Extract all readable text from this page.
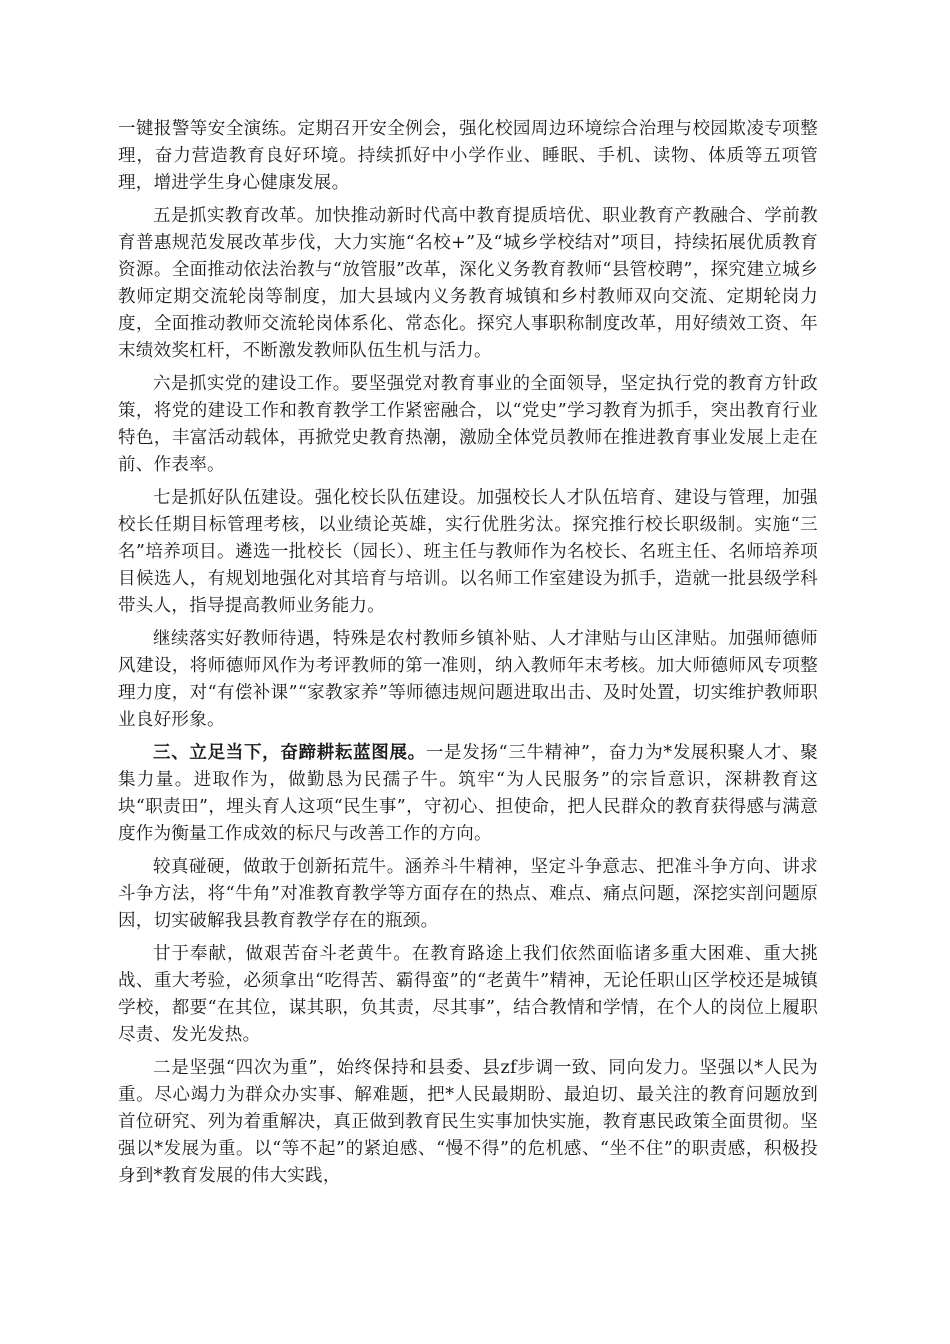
一键报警等安全演练。定期召开安全例会，强化校园周边环境综合治理与校园欺凌专项整理，奋力营造教育良好环境。持续抓好中小学作业、睡眠、手机、读物、体质等五项管理，增进学生身心健康发展。

五是抓实教育改革。加快推动新时代高中教育提质培优、职业教育产教融合、学前教育普惠规范发展改革步伐，大力实施“名校+”及“城乡学校结对”项目，持续拓展优质教育资源。全面推动依法治教与“放管服”改革，深化义务教育教师“县管校聘”，探究建立城乡教师定期交流轮岗等制度，加大县域内义务教育城镇和乡村教师双向交流、定期轮岗力度，全面推动教师交流轮岗体系化、常态化。探究人事职称制度改革，用好绩效工资、年末绩效奖杠杆，不断激发教师队伍生机与活力。

六是抓实党的建设工作。要坚强党对教育事业的全面领导，坚定执行党的教育方针政策，将党的建设工作和教育教学工作紧密融合，以“党史”学习教育为抓手，突出教育行业特色，丰富活动载体，再掀党史教育热潮，激励全体党员教师在推进教育事业发展上走在前、作表率。

七是抓好队伍建设。强化校长队伍建设。加强校长人才队伍培育、建设与管理，加强校长任期目标管理考核，以业绩论英雄，实行优胜劣汰。探究推行校长职级制。实施“三名”培养项目。遴选一批校长（园长）、班主任与教师作为名校长、名班主任、名师培养项目候选人，有规划地强化对其培育与培训。以名师工作室建设为抓手，造就一批县级学科带头人，指导提高教师业务能力。

继续落实好教师待遇，特殊是农村教师乡镇补贴、人才津贴与山区津贴。加强师德师风建设，将师德师风作为考评教师的第一准则，纳入教师年末考核。加大师德师风专项整理力度，对“有偿补课”“家教家养”等师德违规问题进取出击、及时处置，切实维护教师职业良好形象。

三、立足当下，奋蹄耕耘蓝图展。一是发扬“三牛精神”，奋力为*发展积聚人才、聚集力量。进取作为，做勤恳为民孺子牛。筑牢“为人民服务”的宗旨意识，深耕教育这块“职责田”，埋头育人这项“民生事”，守初心、担使命，把人民群众的教育获得感与满意度作为衡量工作成效的标尺与改善工作的方向。

较真碰硬，做敢于创新拓荒牛。涵养斗牛精神，坚定斗争意志、把准斗争方向、讲求斗争方法，将“牛角”对准教育教学等方面存在的热点、难点、痛点问题，深挖实剖问题原因，切实破解我县教育教学存在的瓶颈。

甘于奉献，做艰苦奋斗老黄牛。在教育路途上我们依然面临诸多重大困难、重大挑战、重大考验，必须拿出“吃得苦、霸得蛮”的“老黄牛”精神，无论任职山区学校还是城镇学校，都要“在其位，谋其职，负其责，尽其事”，结合教情和学情，在个人的岗位上履职尽责、发光发热。

二是坚强“四次为重”，始终保持和县委、县zf步调一致、同向发力。坚强以*人民为重。尽心竭力为群众办实事、解难题，把*人民最期盼、最迫切、最关注的教育问题放到首位研究、列为着重解决，真正做到教育民生实事加快实施，教育惠民政策全面贯彻。坚强以*发展为重。以“等不起”的紧迫感、“慢不得”的危机感、“坐不住”的职责感，积极投身到*教育发展的伟大实践，
